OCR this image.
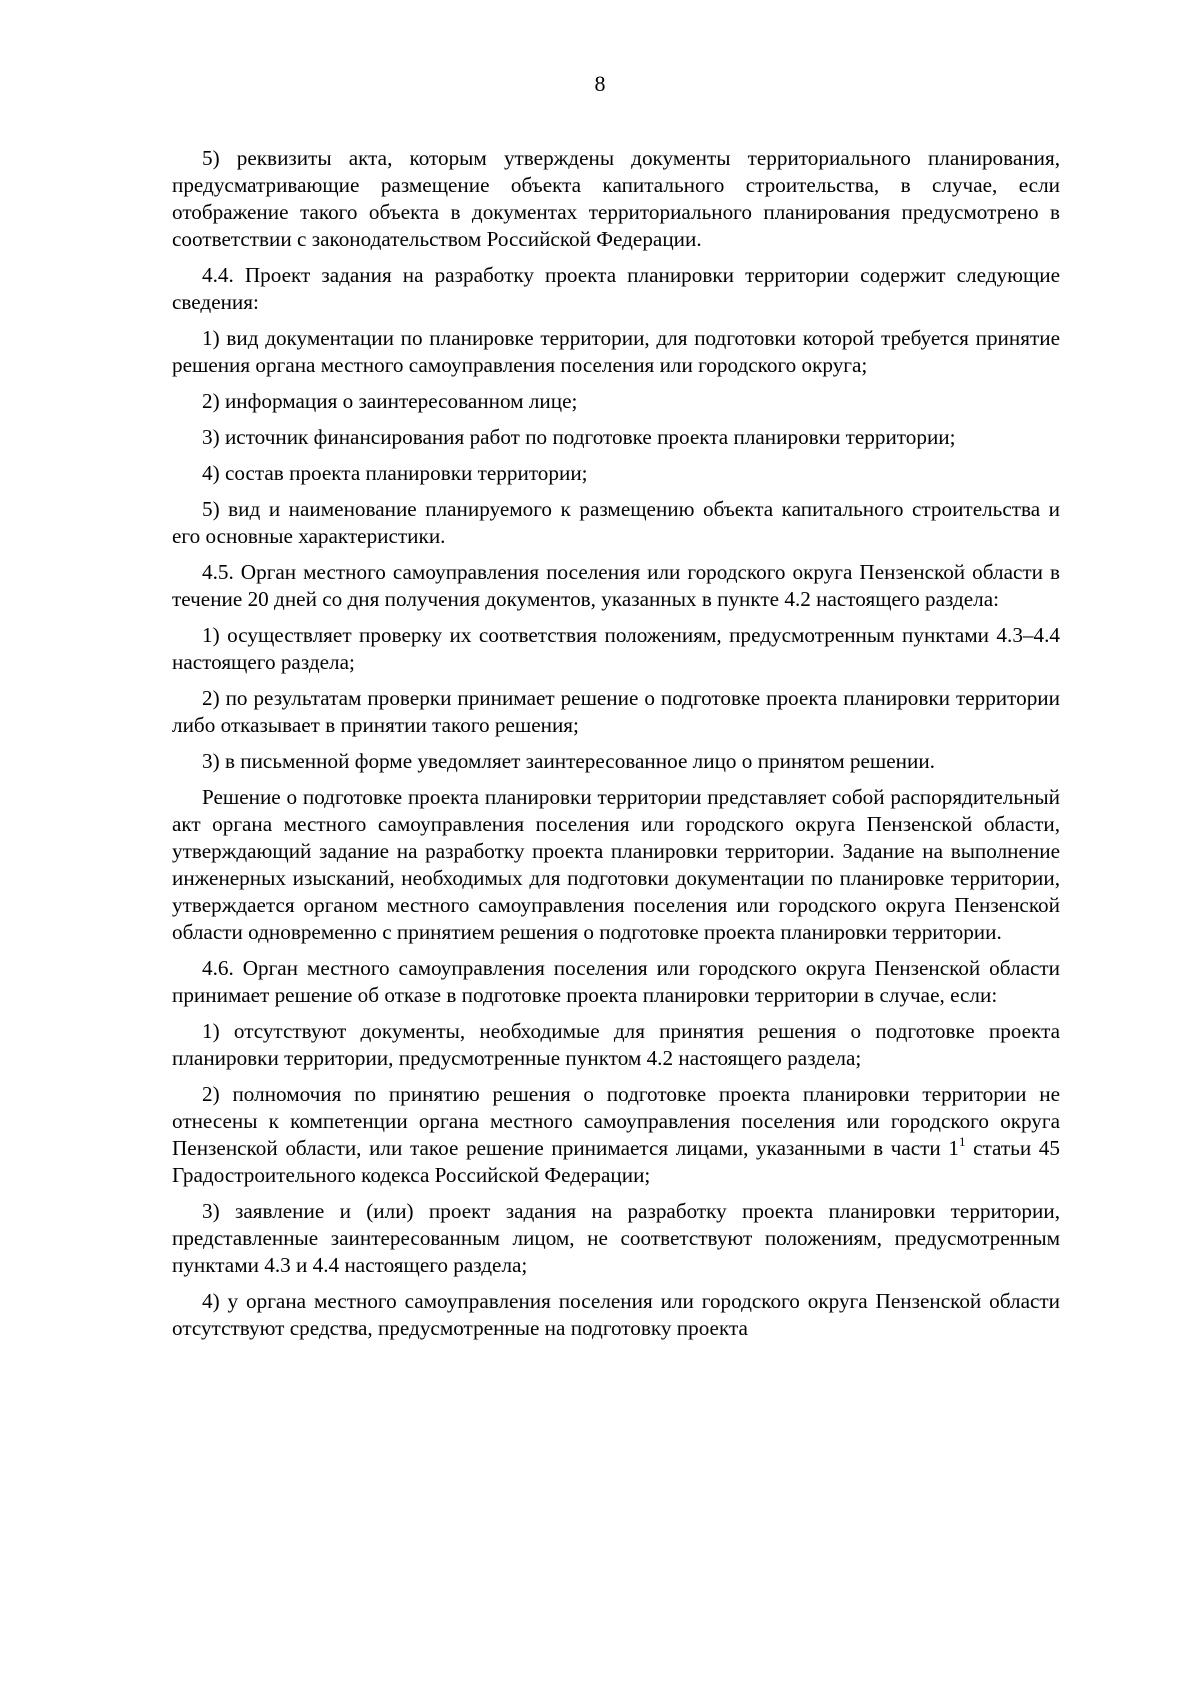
8

5) реквизиты акта, которым утверждены документы территориального планирования, предусматривающие размещение объекта капитального строительства, в случае, если отображение такого объекта в документах территориального планирования предусмотрено в соответствии с законодательством Российской Федерации.

4.4. Проект задания на разработку проекта планировки территории содержит следующие сведения:

1) вид документации по планировке территории, для подготовки которой требуется принятие решения органа местного самоуправления поселения или городского округа;

2) информация о заинтересованном лице;

3) источник финансирования работ по подготовке проекта планировки территории;

4) состав проекта планировки территории;

5) вид и наименование планируемого к размещению объекта капитального строительства и его основные характеристики.

4.5. Орган местного самоуправления поселения или городского округа Пензенской области в течение 20 дней со дня получения документов, указанных в пункте 4.2 настоящего раздела:

1) осуществляет проверку их соответствия положениям, предусмотренным пунктами 4.3–4.4 настоящего раздела;

2) по результатам проверки принимает решение о подготовке проекта планировки территории либо отказывает в принятии такого решения;

3) в письменной форме уведомляет заинтересованное лицо о принятом решении.

Решение о подготовке проекта планировки территории представляет собой распорядительный акт органа местного самоуправления поселения или городского округа Пензенской области, утверждающий задание на разработку проекта планировки территории. Задание на выполнение инженерных изысканий, необходимых для подготовки документации по планировке территории, утверждается органом местного самоуправления поселения или городского округа Пензенской области одновременно с принятием решения о подготовке проекта планировки территории.

4.6. Орган местного самоуправления поселения или городского округа Пензенской области принимает решение об отказе в подготовке проекта планировки территории в случае, если:

1) отсутствуют документы, необходимые для принятия решения о подготовке проекта планировки территории, предусмотренные пунктом 4.2 настоящего раздела;

2) полномочия по принятию решения о подготовке проекта планировки территории не отнесены к компетенции органа местного самоуправления поселения или городского округа Пензенской области, или такое решение принимается лицами, указанными в части $1^1$ статьи 45 Градостроительного кодекса Российской Федерации;

3) заявление и (или) проект задания на разработку проекта планировки территории, представленные заинтересованным лицом, не соответствуют положениям, предусмотренным пунктами 4.3 и 4.4 настоящего раздела;

4) у органа местного самоуправления поселения или городского округа Пензенской области отсутствуют средства, предусмотренные на подготовку проекта
